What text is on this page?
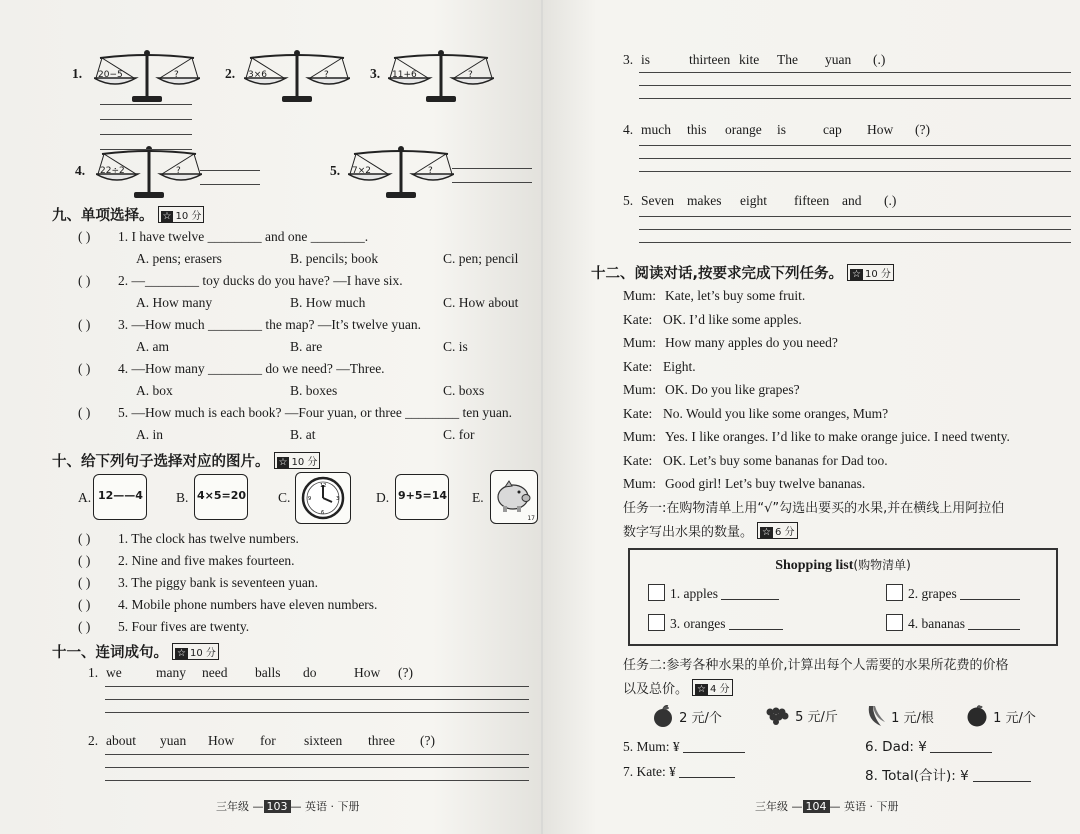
1. 20−5	?	2. 3×6	?	3. 11+6	?
4. 22÷2	?	5. 7×2	?
九、单项选择。 ☆ 10 分
( ) 1. I have twelve ________ and one ________.
A. pens; erasers	B. pencils; book	C. pen; pencil
( ) 2. —________ toy ducks do you have? —I have six.
A. How many	B. How much	C. How about
( ) 3. —How much ________ the map? —It’s twelve yuan.
A. am	B. are	C. is
( ) 4. —How many ________ do we need? —Three.
A. box	B. boxes	C. boxs
( ) 5. —How much is each book? —Four yuan, or three ________ ten yuan.
A. in	B. at	C. for
十、给下列句子选择对应的图片。 ☆ 10 分
A. 12——4 B. 4×5=20 C.
12
3
6
9	D. 9+5=14 E.
17
( ) 1. The clock has twelve numbers.
( ) 2. Nine and five makes fourteen.
( ) 3. The piggy bank is seventeen yuan.
( ) 4. Mobile phone numbers have eleven numbers.
( ) 5. Four fives are twenty.
十一、连词成句。 ☆ 10 分
1. we	many need balls do	How (?)
2. about yuan How for sixteen three (?)
三年级 — 103 — 英语 · 下册
3. is	thirteen kite The yuan (.)
4. much this orange is	cap How (?)
5. Seven makes eight fifteen and (.)
十二、阅读对话,按要求完成下列任务。 ☆ 10 分
Mum: Kate, let’s buy some fruit.
Kate: OK. I’d like some apples.
Mum: How many apples do you need?
Kate: Eight.
Mum: OK. Do you like grapes?
Kate: No. Would you like some oranges, Mum?
Mum: Yes. I like oranges. I’d like to make orange juice. I need twenty.
Kate: OK. Let’s buy some bananas for Dad too.
Mum: Good girl! Let’s buy twelve bananas.
任务一:在购物清单上用“√”勾选出要买的水果,并在横线上用阿拉伯
数字写出水果的数量。 ☆ 6 分
Shopping list(购物清单)
1. apples	2. grapes
3. oranges	4. bananas
任务二:参考各种水果的单价,计算出每个人需要的水果所花费的价格
以及总价。 ☆ 4 分
2 元/个	5 元/斤	1 元/根	1 元/个
5. Mum: ¥	6. Dad: ¥
7. Kate: ¥	8. Total(合计): ¥
三年级 — 104 — 英语 · 下册
